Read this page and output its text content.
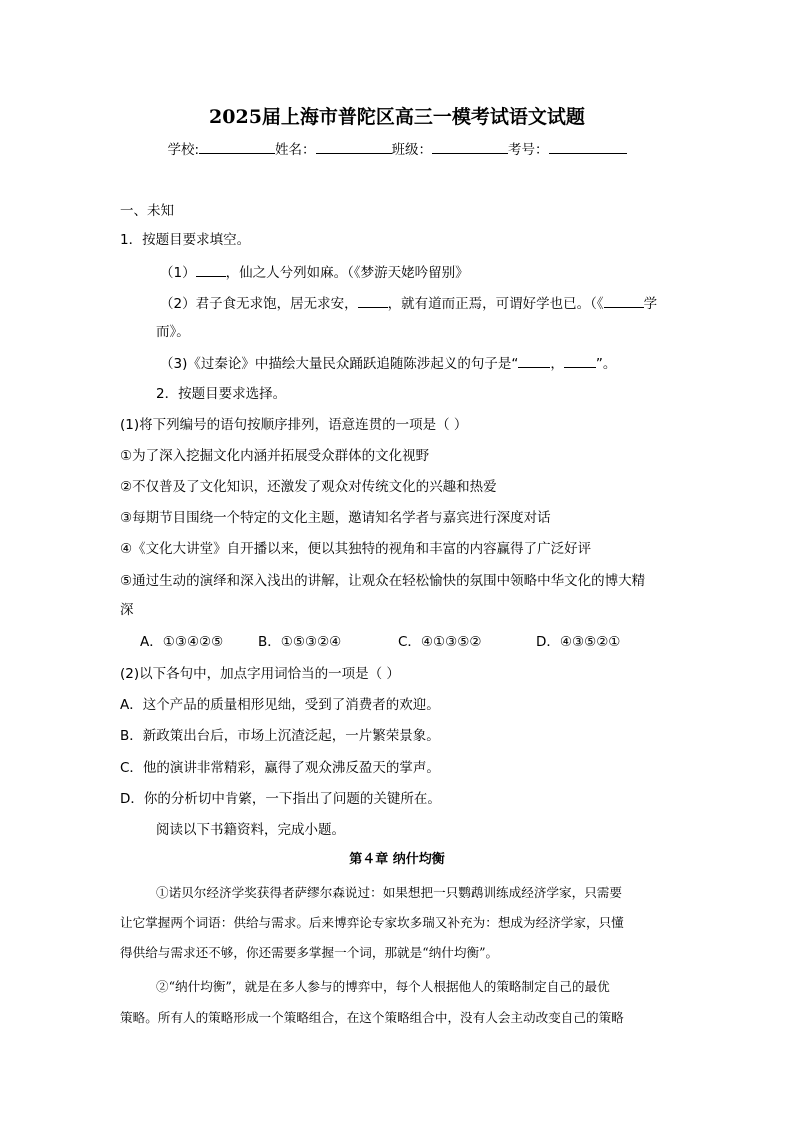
2025届上海市普陀区高三一模考试语文试题
学校:	姓名：	班级：	考号：
一、未知
1．按题目要求填空。
（1） ，仙之人兮列如麻。（《梦游天姥吟留别》
（2）君子食无求饱，居无求安， ，就有道而正焉，可谓好学也已。（《	学
而》。
（3)《过秦论》中描绘大量民众踊跃追随陈涉起义的句子是“ ， ”。
2．按题目要求选择。
(1)将下列编号的语句按顺序排列，语意连贯的一项是（ ）
①为了深入挖掘文化内涵并拓展受众群体的文化视野
②不仅普及了文化知识，还激发了观众对传统文化的兴趣和热爱
③每期节目围绕一个特定的文化主题，邀请知名学者与嘉宾进行深度对话
④《文化大讲堂》自开播以来，便以其独特的视角和丰富的内容赢得了广泛好评
⑤通过生动的演绎和深入浅出的讲解，让观众在轻松愉快的氛围中领略中华文化的博大精
深
A．①③④②⑤	B．①⑤③②④	C．④①③⑤②	D．④③⑤②①
(2)以下各句中，加点字用词恰当的一项是（ ）
A．这个产品的质量相形见绌，受到了消费者的欢迎。
B．新政策出台后，市场上沉渣泛起，一片繁荣景象。
C．他的演讲非常精彩，赢得了观众沸反盈天的掌声。
D．你的分析切中肯綮，一下指出了问题的关键所在。
阅读以下书籍资料，完成小题。
第４章 纳什均衡
①诺贝尔经济学奖获得者萨缪尔森说过：如果想把一只鹦鹉训练成经济学家，只需要
让它掌握两个词语：供给与需求。后来博弈论专家坎多瑞又补充为：想成为经济学家，只懂
得供给与需求还不够，你还需要多掌握一个词，那就是“纳什均衡”。
②“纳什均衡”，就是在多人参与的博弈中，每个人根据他人的策略制定自己的最优
策略。所有人的策略形成一个策略组合，在这个策略组合中，没有人会主动改变自己的策略
